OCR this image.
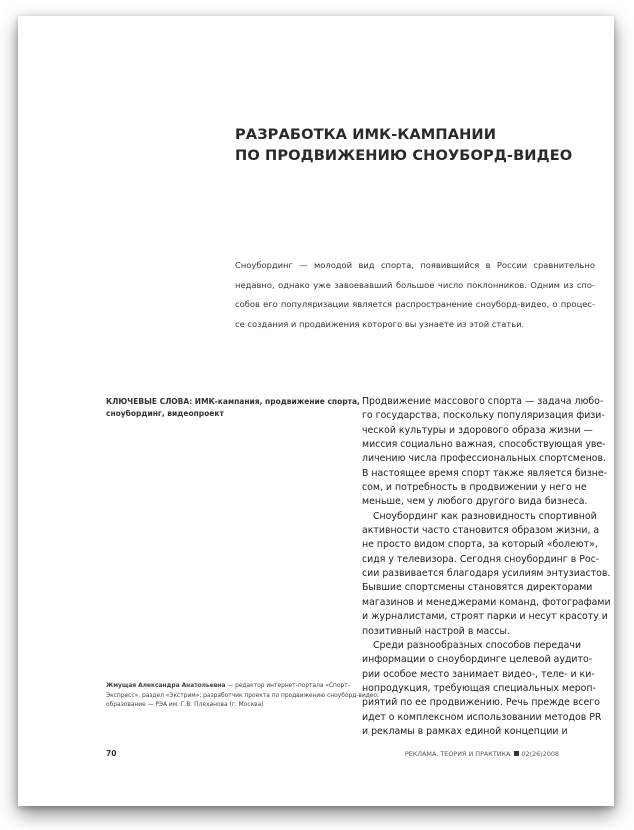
РАЗРАБОТКА ИМК-КАМПАНИИ
ПО ПРОДВИЖЕНИЮ СНОУБОРД-ВИДЕО
Сноубординг — молодой вид спорта, появившийся в России сравнительно
недавно, однако уже завоевавший большое число поклонников. Одним из спо-
собов его популяризации является распространение сноуборд-видео, о процес-
се создания и продвижения которого вы узнаете из этой статьи.
КЛЮЧЕВЫЕ СЛОВА: ИМК-кампания, продвижение спорта,
сноубординг, видеопроект
Продвижение массового спорта — задача любо-
го государства, поскольку популяризация физи-
ческой культуры и здорового образа жизни —
миссия социально важная, способствующая уве-
личению числа профессиональных спортсменов.
В настоящее время спорт также является бизне-
сом, и потребность в продвижении у него не
меньше, чем у любого другого вида бизнеса.
Сноубординг как разновидность спортивной
активности часто становится образом жизни, а
не просто видом спорта, за который «болеют»,
сидя у телевизора. Сегодня сноубординг в Рос-
сии развивается благодаря усилиям энтузиастов.
Бывшие спортсмены становятся директорами
магазинов и менеджерами команд, фотографами
и журналистами, строят парки и несут красоту и
позитивный настрой в массы.
Среди разнообразных способов передачи
информации о сноубординге целевой аудито-
рии особое место занимает видео-, теле- и ки-
нопродукция, требующая специальных мероп-
риятий по ее продвижению. Речь прежде всего
идет о комплексном использовании методов PR
и рекламы в рамках единой концепции и
Жмущая Александра Анатольевна — редактор интернет-портала «Спорт-
Экспресс», раздел «Экстрим»; разработчик проекта по продвижению сноуборд-видео;
образование — РЭА им. Г.В. Плеханова (г. Москва)
70	РЕКЛАМА. ТЕОРИЯ И ПРАКТИКА 02(26)2008
